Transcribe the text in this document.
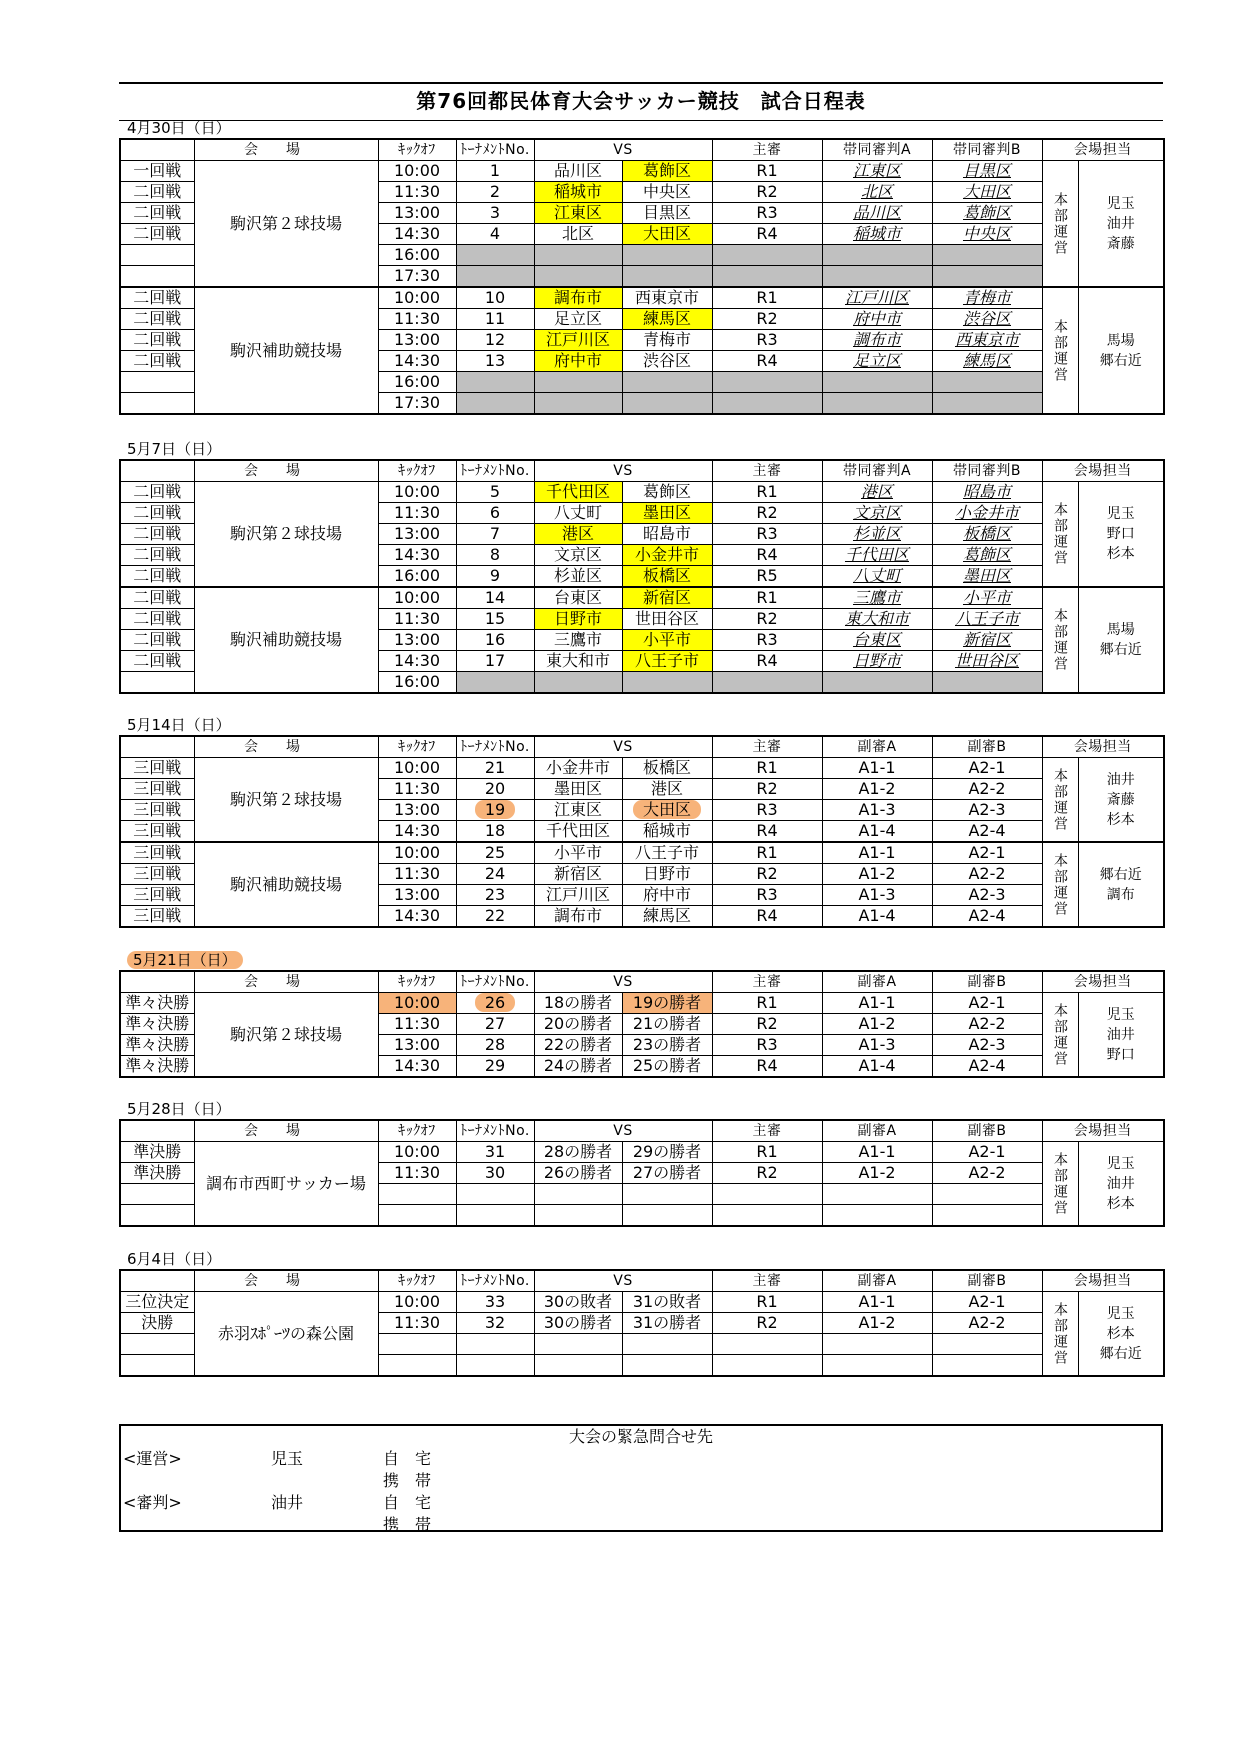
第76回都民体育大会サッカー競技　試合日程表
4月30日（日）
	会場	ｷｯｸｵﾌ	ﾄｰﾅﾒﾝﾄNo.	VS		主審	帯同審判A	帯同審判B	会場担当	
一回戦	駒沢第２球技場	10:00	1	品川区	葛飾区	R1	江東区	目黒区	本部運営	児玉
油井
斎藤

二回戦		11:30	2	稲城市	中央区	R2	北区	大田区		
二回戦		13:00	3	江東区	目黒区	R3	品川区	葛飾区		
二回戦		14:30	4	北区	大田区	R4	稲城市	中央区		
		16:00								
		17:30								
二回戦	駒沢補助競技場	10:00	10	調布市	西東京市	R1	江戸川区	青梅市	本部運営	馬場
郷右近

二回戦		11:30	11	足立区	練馬区	R2	府中市	渋谷区		
二回戦		13:00	12	江戸川区	青梅市	R3	調布市	西東京市		
二回戦		14:30	13	府中市	渋谷区	R4	足立区	練馬区		
		16:00								
		17:30								
5月7日（日）
	会場	ｷｯｸｵﾌ	ﾄｰﾅﾒﾝﾄNo.	VS		主審	帯同審判A	帯同審判B	会場担当	
二回戦	駒沢第２球技場	10:00	5	千代田区	葛飾区	R1	港区	昭島市	本部運営	児玉
野口
杉本

二回戦		11:30	6	八丈町	墨田区	R2	文京区	小金井市		
二回戦		13:00	7	港区	昭島市	R3	杉並区	板橋区		
二回戦		14:30	8	文京区	小金井市	R4	千代田区	葛飾区		
二回戦		16:00	9	杉並区	板橋区	R5	八丈町	墨田区		
二回戦	駒沢補助競技場	10:00	14	台東区	新宿区	R1	三鷹市	小平市	本部運営	馬場
郷右近

二回戦		11:30	15	日野市	世田谷区	R2	東大和市	八王子市		
二回戦		13:00	16	三鷹市	小平市	R3	台東区	新宿区		
二回戦		14:30	17	東大和市	八王子市	R4	日野市	世田谷区		
		16:00								
5月14日（日）
	会場	ｷｯｸｵﾌ	ﾄｰﾅﾒﾝﾄNo.	VS		主審	副審A	副審B	会場担当	
三回戦	駒沢第２球技場	10:00	21	小金井市	板橋区	R1	A1-1	A2-1	本部運営	油井
斎藤
杉本

三回戦		11:30	20	墨田区	港区	R2	A1-2	A2-2		
三回戦		13:00	19	江東区	大田区	R3	A1-3	A2-3		
三回戦		14:30	18	千代田区	稲城市	R4	A1-4	A2-4		
三回戦	駒沢補助競技場	10:00	25	小平市	八王子市	R1	A1-1	A2-1	本部運営	郷右近
調布

三回戦		11:30	24	新宿区	日野市	R2	A1-2	A2-2		
三回戦		13:00	23	江戸川区	府中市	R3	A1-3	A2-3		
三回戦		14:30	22	調布市	練馬区	R4	A1-4	A2-4		
5月21日（日）
	会場	ｷｯｸｵﾌ	ﾄｰﾅﾒﾝﾄNo.	VS		主審	副審A	副審B	会場担当	
準々決勝	駒沢第２球技場	10:00	26	18の勝者	19の勝者	R1	A1-1	A2-1	本部運営	児玉
油井
野口

準々決勝		11:30	27	20の勝者	21の勝者	R2	A1-2	A2-2		
準々決勝		13:00	28	22の勝者	23の勝者	R3	A1-3	A2-3		
準々決勝		14:30	29	24の勝者	25の勝者	R4	A1-4	A2-4		
5月28日（日）
	会場	ｷｯｸｵﾌ	ﾄｰﾅﾒﾝﾄNo.	VS		主審	副審A	副審B	会場担当	
準決勝	調布市西町サッカー場	10:00	31	28の勝者	29の勝者	R1	A1-1	A2-1	本部運営	児玉
油井
杉本

準決勝		11:30	30	26の勝者	27の勝者	R2	A1-2	A2-2		

6月4日（日）
	会場	ｷｯｸｵﾌ	ﾄｰﾅﾒﾝﾄNo.	VS		主審	副審A	副審B	会場担当	
三位決定	赤羽ｽﾎﾟｰﾂの森公園	10:00	33	30の敗者	31の敗者	R1	A1-1	A2-1	本部運営	児玉
杉本
郷右近

決勝		11:30	32	30の勝者	31の勝者	R2	A1-2	A2-2		

大会の緊急問合せ先
<運営>	児玉	自　宅
携　帯
<審判>	油井	自　宅
携　帯
